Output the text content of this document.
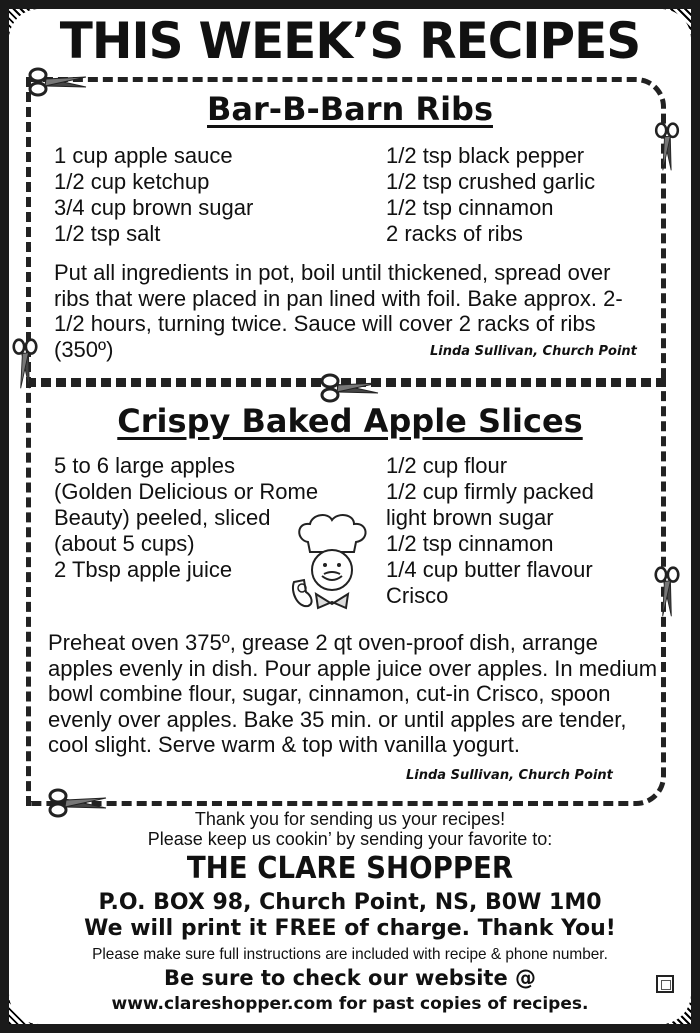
THIS WEEK’S RECIPES
Bar-B-Barn Ribs
1 cup apple sauce
1/2 cup ketchup
3/4 cup brown sugar
1/2 tsp salt
1/2 tsp black pepper
1/2 tsp crushed garlic
1/2 tsp cinnamon
2 racks of ribs

Put all ingredients in pot, boil until thickened, spread over ribs that were placed in pan lined with foil. Bake approx. 2-1/2 hours, turning twice. Sauce will cover 2 racks of ribs (350º)	Linda Sullivan, Church Point
Crispy Baked Apple Slices
5 to 6 large apples
(Golden Delicious or Rome
Beauty) peeled, sliced
(about 5 cups)
2 Tbsp apple juice
1/2 cup flour
1/2 cup firmly packed
light brown sugar
1/2 tsp cinnamon
1/4 cup butter flavour
Crisco

Preheat oven 375º, grease 2 qt oven-proof dish, arrange apples evenly in dish. Pour apple juice over apples. In medium bowl combine flour, sugar, cinnamon, cut-in Crisco, spoon evenly over apples. Bake 35 min. or until apples are tender, cool slight. Serve warm & top with vanilla yogurt.

Linda Sullivan, Church Point
Thank you for sending us your recipes!
Please keep us cookin’ by sending your favorite to:
THE CLARE SHOPPER
P.O. BOX 98, Church Point, NS, B0W 1M0
We will print it FREE of charge. Thank You!
Please make sure full instructions are included with recipe & phone number.
Be sure to check our website @
www.clareshopper.com for past copies of recipes.
